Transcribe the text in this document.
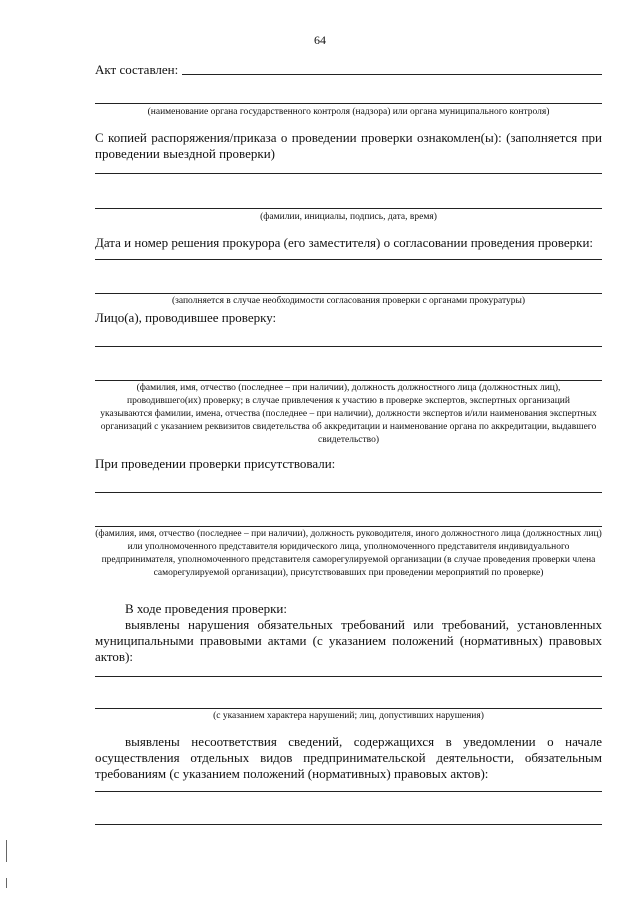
64
Акт составлен:
(наименование органа государственного контроля (надзора) или органа муниципального контроля)
С копией распоряжения/приказа о проведении проверки ознакомлен(ы): (заполняется при проведении выездной проверки)
(фамилии, инициалы, подпись, дата, время)
Дата и номер решения прокурора (его заместителя) о согласовании проведения проверки:
(заполняется в случае необходимости согласования проверки с органами прокуратуры)
Лицо(а), проводившее проверку:
(фамилия, имя, отчество (последнее – при наличии), должность должностного лица (должностных лиц), проводившего(их) проверку; в случае привлечения к участию в проверке экспертов, экспертных организаций указываются фамилии, имена, отчества (последнее – при наличии), должности экспертов и/или наименования экспертных организаций с указанием реквизитов свидетельства об аккредитации и наименование органа по аккредитации, выдавшего свидетельство)
При проведении проверки присутствовали:
(фамилия, имя, отчество (последнее – при наличии), должность руководителя, иного должностного лица (должностных лиц) или уполномоченного представителя юридического лица, уполномоченного представителя индивидуального предпринимателя, уполномоченного представителя саморегулируемой организации (в случае проведения проверки члена саморегулируемой организации), присутствовавших при проведении мероприятий по проверке)
В ходе проведения проверки:
выявлены нарушения обязательных требований или требований, установленных муниципальными правовыми актами (с указанием положений (нормативных) правовых актов):
(с указанием характера нарушений; лиц, допустивших нарушения)
выявлены несоответствия сведений, содержащихся в уведомлении о начале осуществления отдельных видов предпринимательской деятельности, обязательным требованиям (с указанием положений (нормативных) правовых актов):
